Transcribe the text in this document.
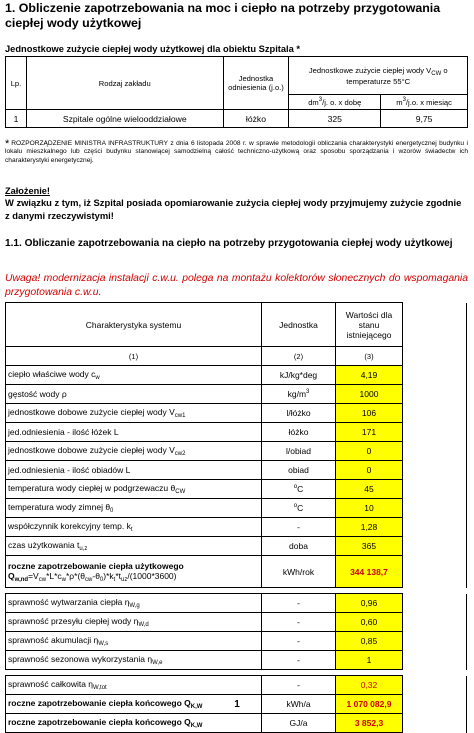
1. Obliczenie zapotrzebowania na moc i ciepło na potrzeby przygotowania ciepłej wody użytkowej
Jednostkowe zużycie ciepłej wody użytkowej dla obiektu Szpitala *
Lp.	Rodzaj zakładu	Jednostka odniesienia (j.o.)	Jednostkowe zużycie ciepłej wody $V_{CW}$ o temperaturze 55°C	
			$dm^3/j$. o. x dobę	$m^3/j.o$. x miesiąc
1	Szpitale ogólne wielooddziałowe	łóżko	325	9,75
* ROZPORZĄDZENIE MINISTRA INFRASTRUKTURY z dnia 6 listopada 2008 r. w sprawie metodologii obliczania charakterystyki energetycznej budynku i lokalu mieszkalnego lub części budynku stanowiącej samodzielną całość techniczno-użytkową oraz sposobu sporządzania i wzorów świadectw ich charakterystyki energetycznej.
Założenie!
W związku z tym, iż Szpital posiada opomiarowanie zużycia ciepłej wody przyjmujemy zużycie zgodnie z danymi rzeczywistymi!
1.1. Obliczanie zapotrzebowania na ciepło na potrzeby przygotowania ciepłej wody użytkowej
Uwaga! modernizacja instalacji c.w.u. polega na montażu kolektorów słonecznych do wspomagania przygotowania c.w.u.
Charakterystyka systemu	Jednostka	Wartości dla stanu istniejącego	
(1)	(2)	(3)	
ciepło właściwe wody $c_w$	kJ/kg*deg	4,19	
gęstość wody ρ	$kg/m^3$	1000	
jednostkowe dobowe zużycie ciepłej wody $V_{cw1}$	l/łóżko	106	
jed.odniesienia - ilość łóżek L	łóżko	171	
jednostkowe dobowe zużycie ciepłej wody $V_{cw2}$	l/obiad	0	
jed.odniesienia - ilość obiadów L	obiad	0	
temperatura wody ciepłej w podgrzewaczu $\theta_{CW}$	$^o$C	45	
temperatura wody zimnej $\theta_0$	$^o$C	10	
współczynnik korekcyjny temp. $k_t$	-	1,28	
czas użytkowania $t_{u,z}$	doba	365	
roczne zapotrzebowanie ciepła użytkowego
$Q_{w,nd}=V_{cw}*L*c_w*\rho*(\theta_{cw}-\theta_0)*k_t*t_{uz}/(1000*3600)$	kWh/rok	344 138,7	

sprawność wytwarzania ciepła $\eta_{W,g}$	-	0,96	
sprawność przesyłu ciepłej wody $\eta_{W,d}$	-	0,60	
sprawność akumulacji $\eta_{W,s}$	-	0,85	
sprawność sezonowa wykorzystania $\eta_{W,e}$	-	1	

sprawność całkowita $\eta_{W,tot}$	-	0,32	
roczne zapotrzebowanie ciepła końcowego $Q_{K,W}$	kWh/a	1 070 082,9	
roczne zapotrzebowanie ciepła końcowego $Q_{K,W}$	GJ/a	3 852,3	
1
